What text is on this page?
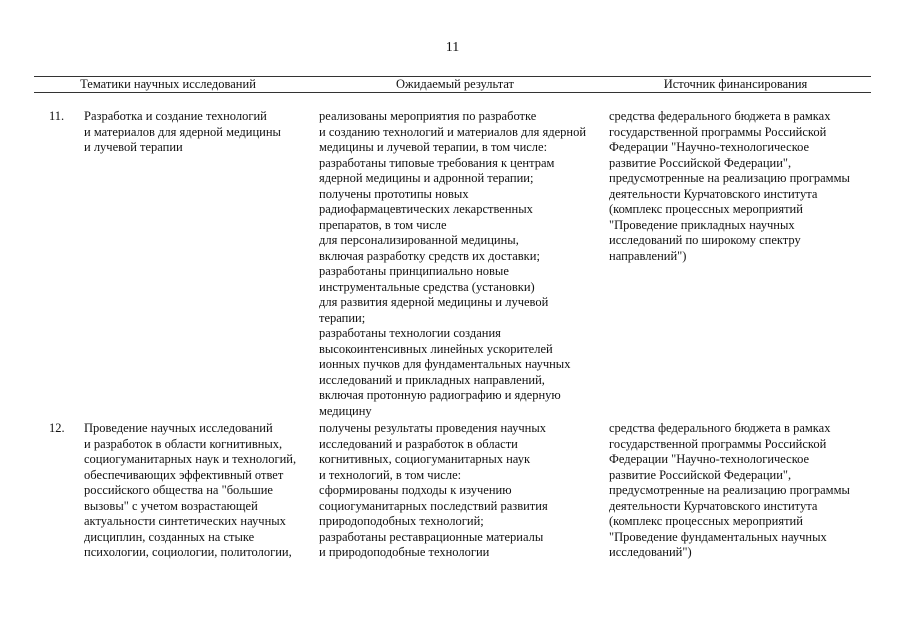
11
Тематики научных исследований	Ожидаемый результат	Источник финансирования
11. Разработка и создание технологий
и материалов для ядерной медицины
и лучевой терапии
реализованы мероприятия по разработке
и созданию технологий и материалов для ядерной
медицины и лучевой терапии, в том числе:
разработаны типовые требования к центрам
ядерной медицины и адронной терапии;
получены прототипы новых
радиофармацевтических лекарственных
препаратов, в том числе
для персонализированной медицины,
включая разработку средств их доставки;
разработаны принципиально новые
инструментальные средства (установки)
для развития ядерной медицины и лучевой
терапии;
разработаны технологии создания
высокоинтенсивных линейных ускорителей
ионных пучков для фундаментальных научных
исследований и прикладных направлений,
включая протонную радиографию и ядерную
медицину
средства федерального бюджета в рамках
государственной программы Российской
Федерации "Научно-технологическое
развитие Российской Федерации",
предусмотренные на реализацию программы
деятельности Курчатовского института
(комплекс процессных мероприятий
"Проведение прикладных научных
исследований по широкому спектру
направлений")
12. Проведение научных исследований
и разработок в области когнитивных,
социогуманитарных наук и технологий,
обеспечивающих эффективный ответ
российского общества на "большие
вызовы" с учетом возрастающей
актуальности синтетических научных
дисциплин, созданных на стыке
психологии, социологии, политологии,
получены результаты проведения научных
исследований и разработок в области
когнитивных, социогуманитарных наук
и технологий, в том числе:
сформированы подходы к изучению
социогуманитарных последствий развития
природоподобных технологий;
разработаны реставрационные материалы
и природоподобные технологии
средства федерального бюджета в рамках
государственной программы Российской
Федерации "Научно-технологическое
развитие Российской Федерации",
предусмотренные на реализацию программы
деятельности Курчатовского института
(комплекс процессных мероприятий
"Проведение фундаментальных научных
исследований")
